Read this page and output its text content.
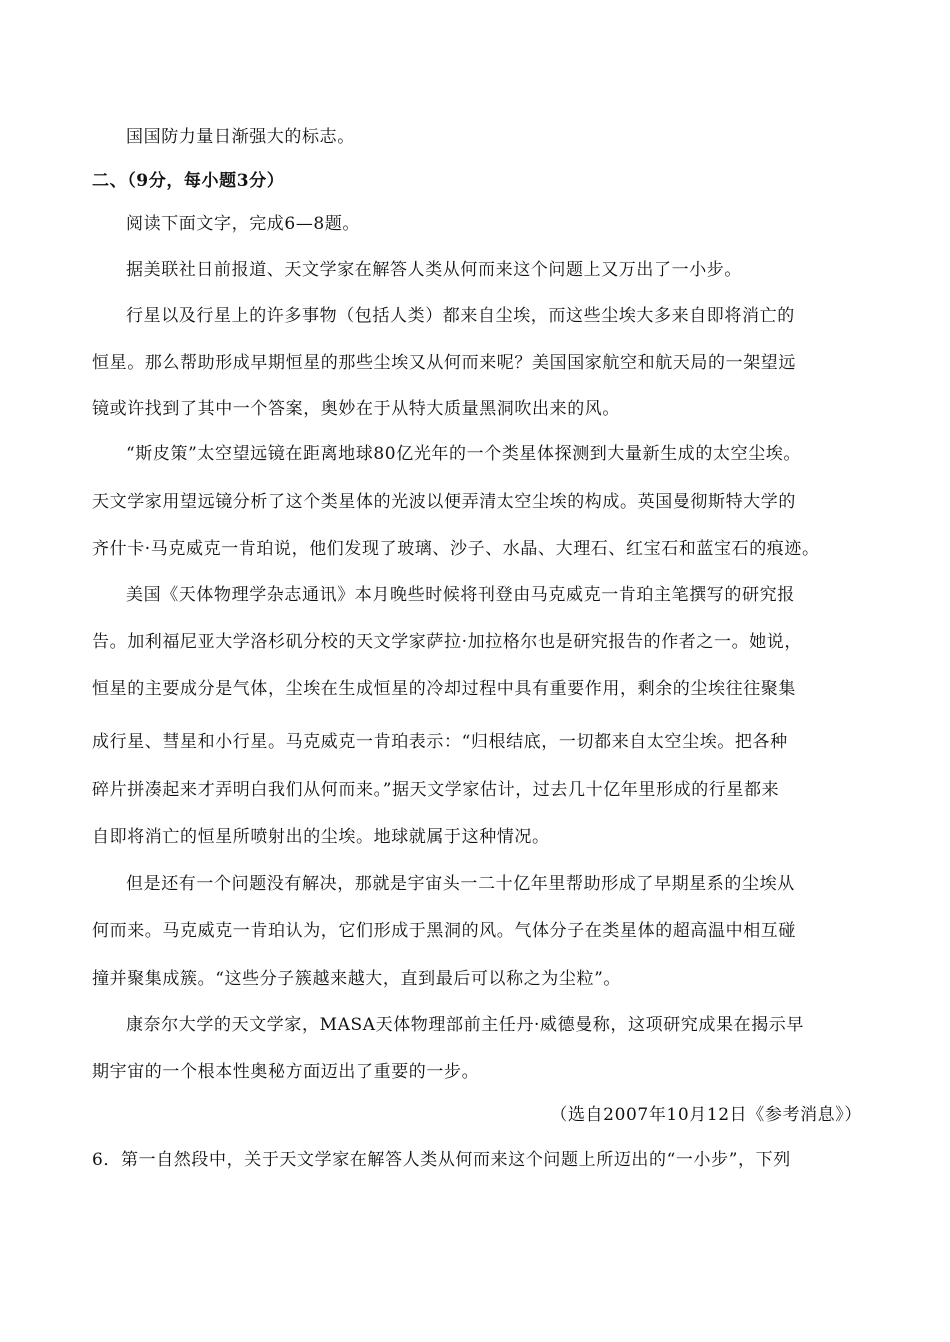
国国防力量日渐强大的标志。
二、（9分，每小题3分）
阅读下面文字，完成6—8题。
据美联社日前报道、天文学家在解答人类从何而来这个问题上又万出了一小步。
行星以及行星上的许多事物（包括人类）都来自尘埃，而这些尘埃大多来自即将消亡的
恒星。那么帮助形成早期恒星的那些尘埃又从何而来呢？美国国家航空和航天局的一架望远
镜或许找到了其中一个答案，奥妙在于从特大质量黑洞吹出来的风。
“斯皮策”太空望远镜在距离地球80亿光年的一个类星体探测到大量新生成的太空尘埃。
天文学家用望远镜分析了这个类星体的光波以便弄清太空尘埃的构成。英国曼彻斯特大学的
齐什卡·马克威克一肯珀说，他们发现了玻璃、沙子、水晶、大理石、红宝石和蓝宝石的痕迹。
美国《天体物理学杂志通讯》本月晚些时候将刊登由马克威克一肯珀主笔撰写的研究报
告。加利福尼亚大学洛杉矶分校的天文学家萨拉·加拉格尔也是研究报告的作者之一。她说，
恒星的主要成分是气体，尘埃在生成恒星的冷却过程中具有重要作用，剩余的尘埃往往聚集
成行星、彗星和小行星。马克威克一肯珀表示：“归根结底，一切都来自太空尘埃。把各种
碎片拼凑起来才弄明白我们从何而来。”据天文学家估计，过去几十亿年里形成的行星都来
自即将消亡的恒星所喷射出的尘埃。地球就属于这种情况。
但是还有一个问题没有解决，那就是宇宙头一二十亿年里帮助形成了早期星系的尘埃从
何而来。马克威克一肯珀认为，它们形成于黑洞的风。气体分子在类星体的超高温中相互碰
撞并聚集成簇。“这些分子簇越来越大，直到最后可以称之为尘粒”。
康奈尔大学的天文学家，MASA天体物理部前主任丹·威德曼称，这项研究成果在揭示早
期宇宙的一个根本性奥秘方面迈出了重要的一步。
（选自2007年10月12日《参考消息》）
6．第一自然段中，关于天文学家在解答人类从何而来这个问题上所迈出的“一小步”，下列
